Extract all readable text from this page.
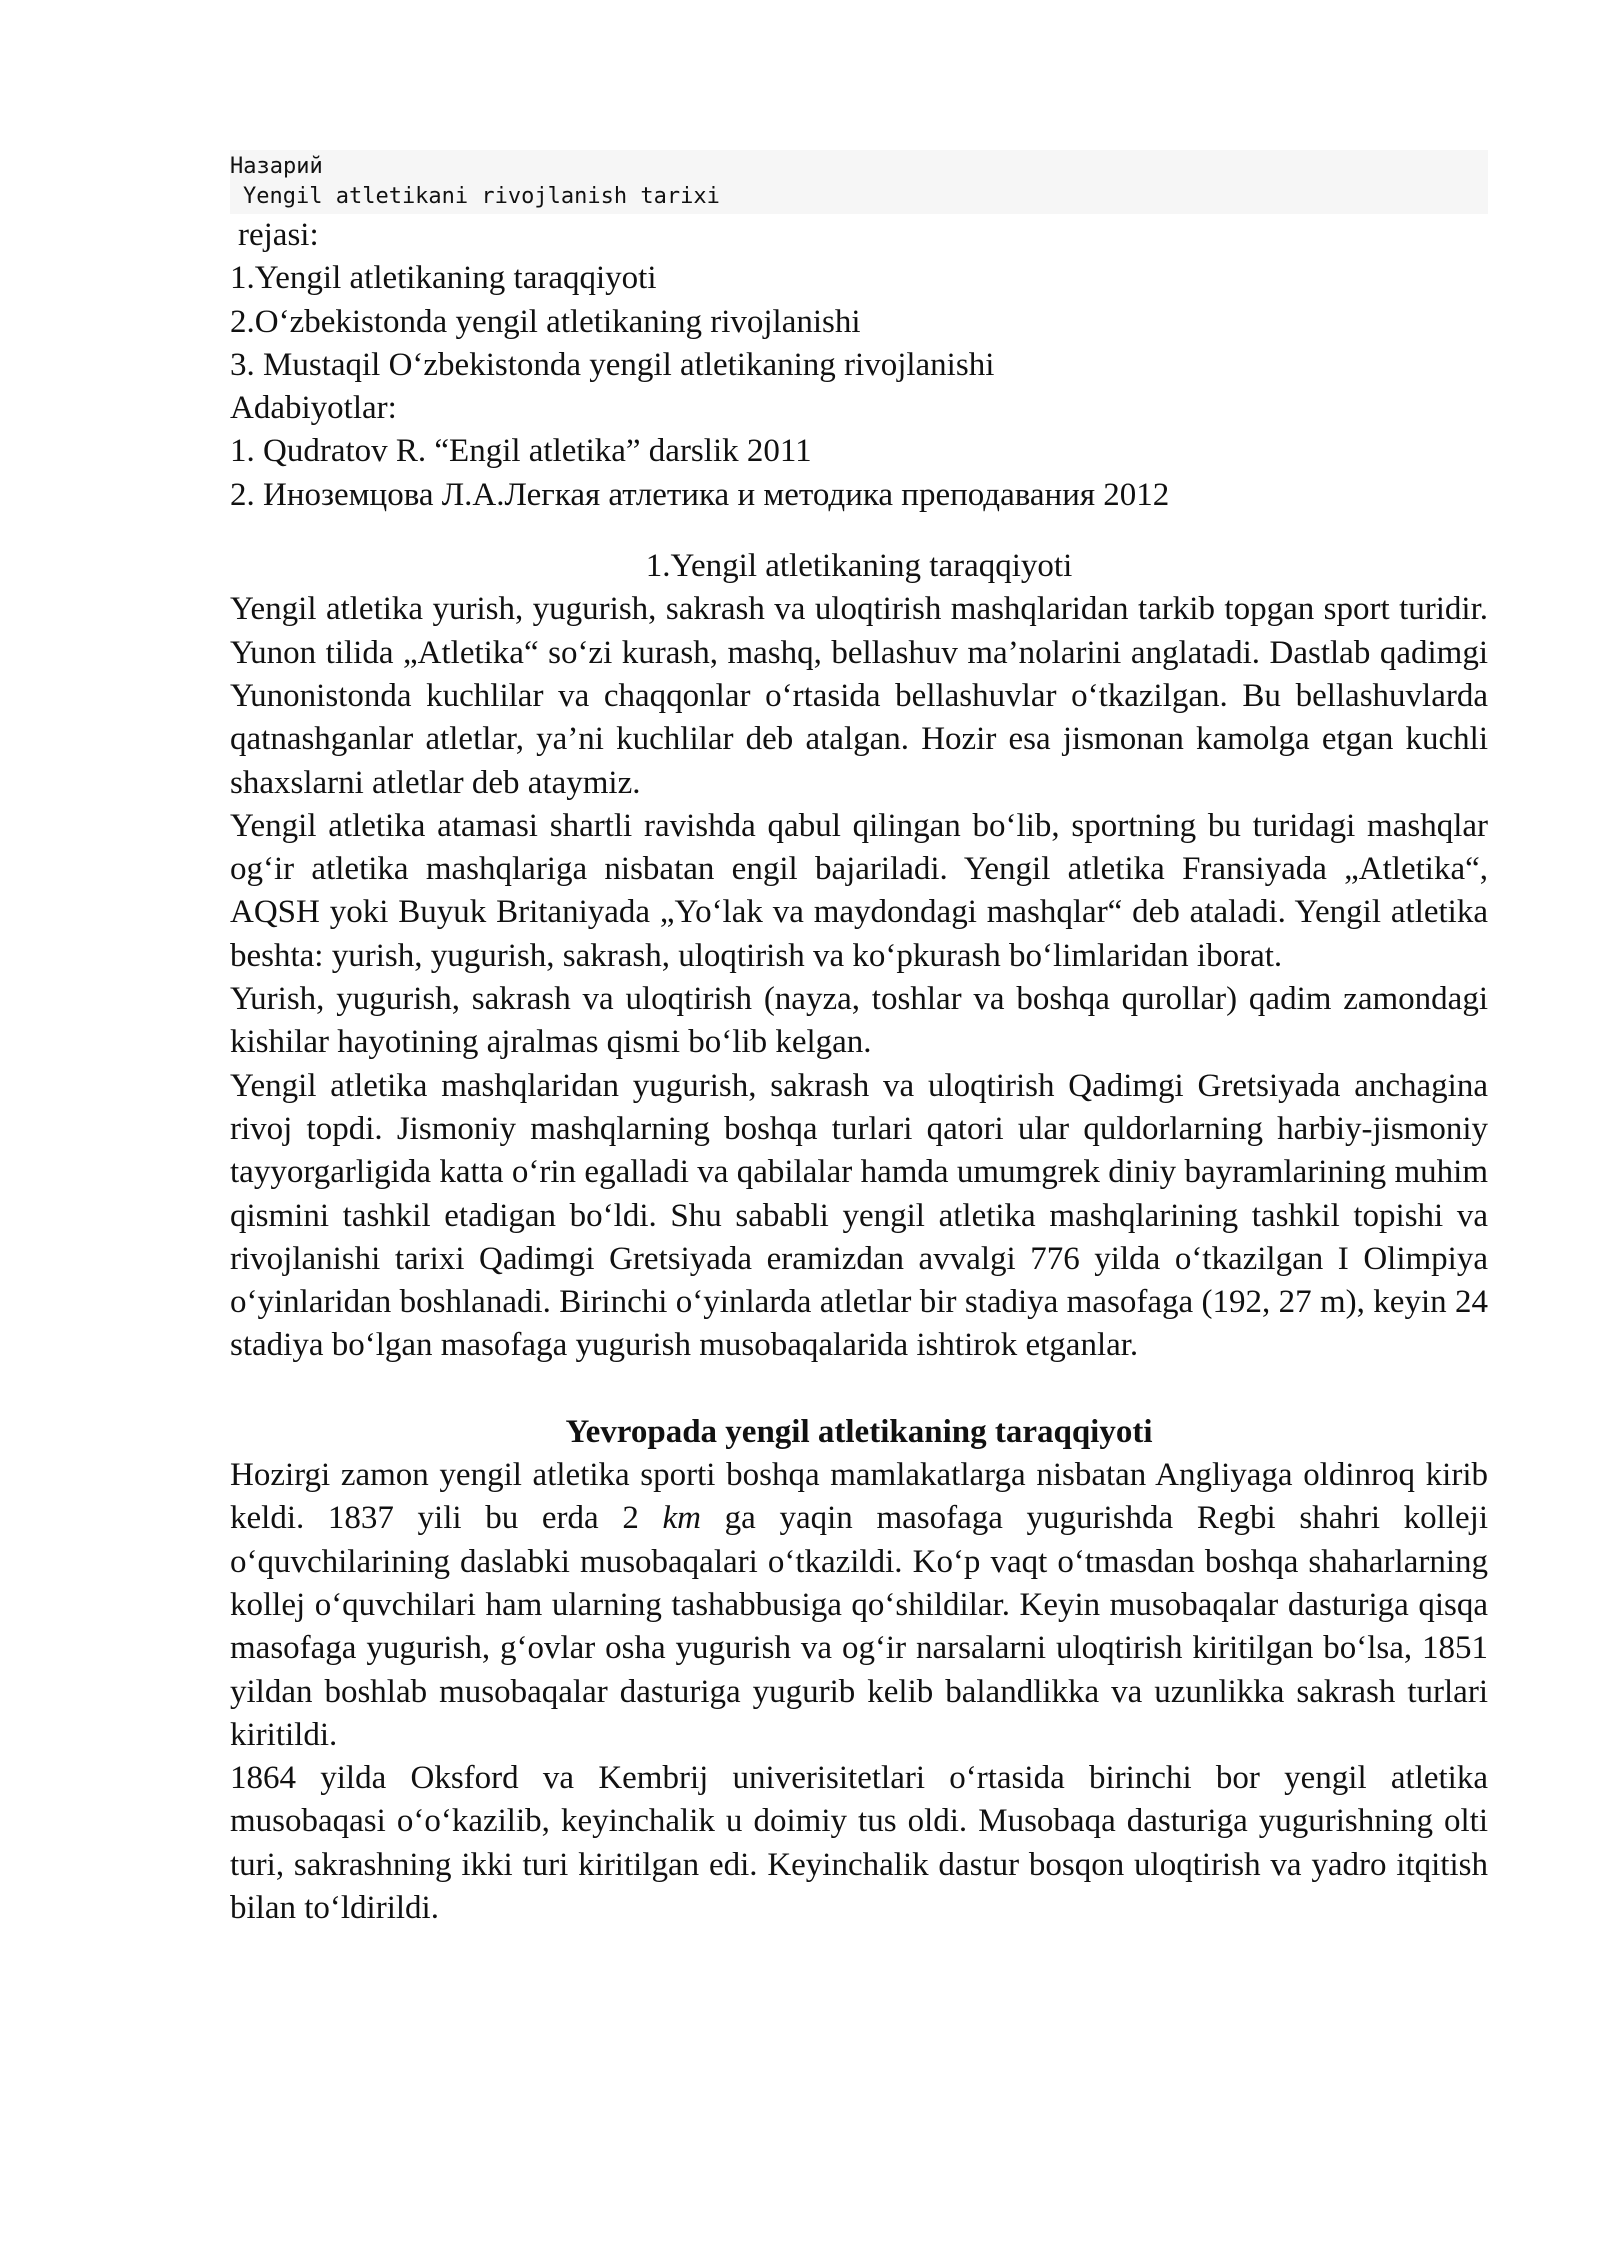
Назарий
Yengil atletikani rivojlanish tarixi
rejasi:
1.Yengil atletikaning taraqqiyoti
2.O‘zbekistonda yengil atletikaning rivojlanishi
3. Mustaqil O‘zbekistonda yengil atletikaning rivojlanishi
Adabiyotlar:
1. Qudratov R. “Engil atletika” darslik 2011
2. Иноземцова Л.А.Легкая атлетика и методика преподавания 2012
1.Yengil atletikaning taraqqiyoti

Yengil atletika yurish, yugurish, sakrash va uloqtirish mashqlaridan tarkib topgan sport turidir. Yunon tilida „Atletika“ so‘zi kurash, mashq, bellashuv ma’nolarini anglatadi. Dastlab qadimgi Yunonistonda kuchlilar va chaqqonlar o‘rtasida bellashuvlar o‘tkazilgan. Bu bellashuvlarda qatnashganlar atletlar, ya’ni kuchlilar deb atalgan. Hozir esa jismonan kamolga etgan kuchli shaxslarni atletlar deb ataymiz.

Yengil atletika atamasi shartli ravishda qabul qilingan bo‘lib, sportning bu turidagi mashqlar og‘ir atletika mashqlariga nisbatan engil bajariladi. Yengil atletika Fransiyada „Atletika“, AQSH yoki Buyuk Britaniyada „Yo‘lak va maydondagi mashqlar“ deb ataladi. Yengil atletika beshta: yurish, yugurish, sakrash, uloqtirish va ko‘pkurash bo‘limlaridan iborat.

Yurish, yugurish, sakrash va uloqtirish (nayza, toshlar va boshqa qurollar) qadim zamondagi kishilar hayotining ajralmas qismi bo‘lib kelgan.

Yengil atletika mashqlaridan yugurish, sakrash va uloqtirish Qadimgi Gretsiyada anchagina rivoj topdi. Jismoniy mashqlarning boshqa turlari qatori ular quldorlarning harbiy-jismoniy tayyorgarligida katta o‘rin egalladi va qabilalar hamda umumgrek diniy bayramlarining muhim qismini tashkil etadigan bo‘ldi. Shu sababli yengil atletika mashqlarining tashkil topishi va rivojlanishi tarixi Qadimgi Gretsiyada eramizdan avvalgi 776 yilda o‘tkazilgan I Olimpiya o‘yinlaridan boshlanadi. Birinchi o‘yinlarda atletlar bir stadiya masofaga (192, 27 m), keyin 24 stadiya bo‘lgan masofaga yugurish musobaqalarida ishtirok etganlar.

Yevropada yengil atletikaning taraqqiyoti

Hozirgi zamon yengil atletika sporti boshqa mamlakatlarga nisbatan Angliyaga oldinroq kirib keldi. 1837 yili bu erda 2 km ga yaqin masofaga yugurishda Regbi shahri kolleji o‘quvchilarining daslabki musobaqalari o‘tkazildi. Ko‘p vaqt o‘tmasdan boshqa shaharlarning kollej o‘quvchilari ham ularning tashabbusiga qo‘shildilar. Keyin musobaqalar dasturiga qisqa masofaga yugurish, g‘ovlar osha yugurish va og‘ir narsalarni uloqtirish kiritilgan bo‘lsa, 1851 yildan boshlab musobaqalar dasturiga yugurib kelib balandlikka va uzunlikka sakrash turlari kiritildi.

1864 yilda Oksford va Kembrij univerisitetlari o‘rtasida birinchi bor yengil atletika musobaqasi o‘o‘kazilib, keyinchalik u doimiy tus oldi. Musobaqa dasturiga yugurishning olti turi, sakrashning ikki turi kiritilgan edi. Keyinchalik dastur bosqon uloqtirish va yadro itqitish bilan to‘ldirildi.
